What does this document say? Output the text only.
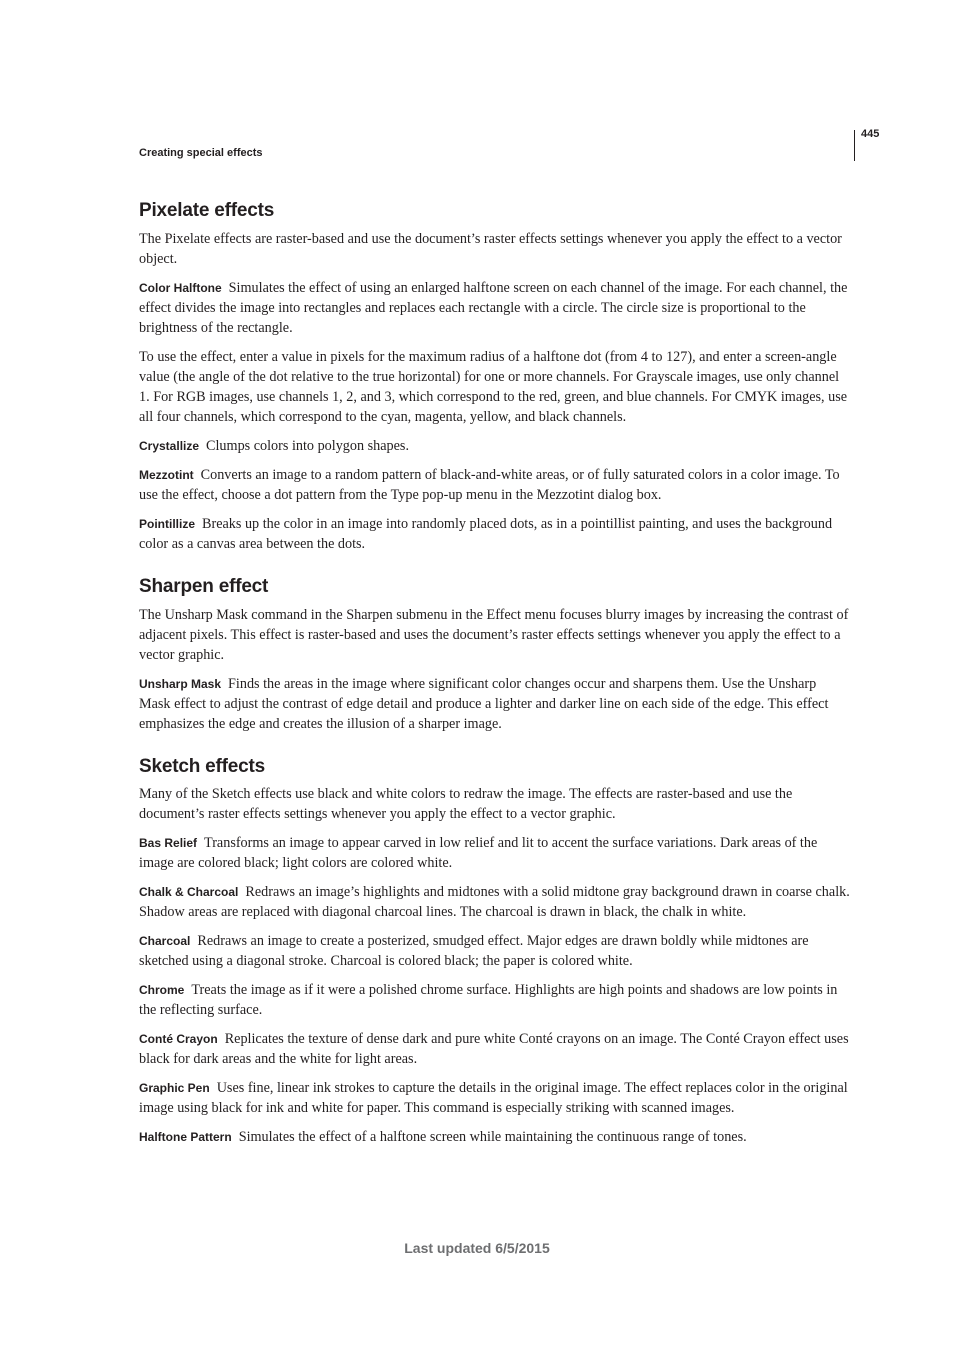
445
Creating special effects
Pixelate effects

The Pixelate effects are raster-based and use the document’s raster effects settings whenever you apply the effect to a vector object.

Color Halftone Simulates the effect of using an enlarged halftone screen on each channel of the image. For each channel, the effect divides the image into rectangles and replaces each rectangle with a circle. The circle size is proportional to the brightness of the rectangle.

To use the effect, enter a value in pixels for the maximum radius of a halftone dot (from 4 to 127), and enter a screen-angle value (the angle of the dot relative to the true horizontal) for one or more channels. For Grayscale images, use only channel 1. For RGB images, use channels 1, 2, and 3, which correspond to the red, green, and blue channels. For CMYK images, use all four channels, which correspond to the cyan, magenta, yellow, and black channels.

Crystallize Clumps colors into polygon shapes.

Mezzotint Converts an image to a random pattern of black-and-white areas, or of fully saturated colors in a color image. To use the effect, choose a dot pattern from the Type pop-up menu in the Mezzotint dialog box.

Pointillize Breaks up the color in an image into randomly placed dots, as in a pointillist painting, and uses the background color as a canvas area between the dots.

Sharpen effect

The Unsharp Mask command in the Sharpen submenu in the Effect menu focuses blurry images by increasing the contrast of adjacent pixels. This effect is raster-based and uses the document’s raster effects settings whenever you apply the effect to a vector graphic.

Unsharp Mask Finds the areas in the image where significant color changes occur and sharpens them. Use the Unsharp Mask effect to adjust the contrast of edge detail and produce a lighter and darker line on each side of the edge. This effect emphasizes the edge and creates the illusion of a sharper image.

Sketch effects

Many of the Sketch effects use black and white colors to redraw the image. The effects are raster-based and use the document’s raster effects settings whenever you apply the effect to a vector graphic.

Bas Relief Transforms an image to appear carved in low relief and lit to accent the surface variations. Dark areas of the image are colored black; light colors are colored white.

Chalk & Charcoal Redraws an image’s highlights and midtones with a solid midtone gray background drawn in coarse chalk. Shadow areas are replaced with diagonal charcoal lines. The charcoal is drawn in black, the chalk in white.

Charcoal Redraws an image to create a posterized, smudged effect. Major edges are drawn boldly while midtones are sketched using a diagonal stroke. Charcoal is colored black; the paper is colored white.

Chrome Treats the image as if it were a polished chrome surface. Highlights are high points and shadows are low points in the reflecting surface.

Conté Crayon Replicates the texture of dense dark and pure white Conté crayons on an image. The Conté Crayon effect uses black for dark areas and the white for light areas.

Graphic Pen Uses fine, linear ink strokes to capture the details in the original image. The effect replaces color in the original image using black for ink and white for paper. This command is especially striking with scanned images.

Halftone Pattern Simulates the effect of a halftone screen while maintaining the continuous range of tones.

Last updated 6/5/2015
